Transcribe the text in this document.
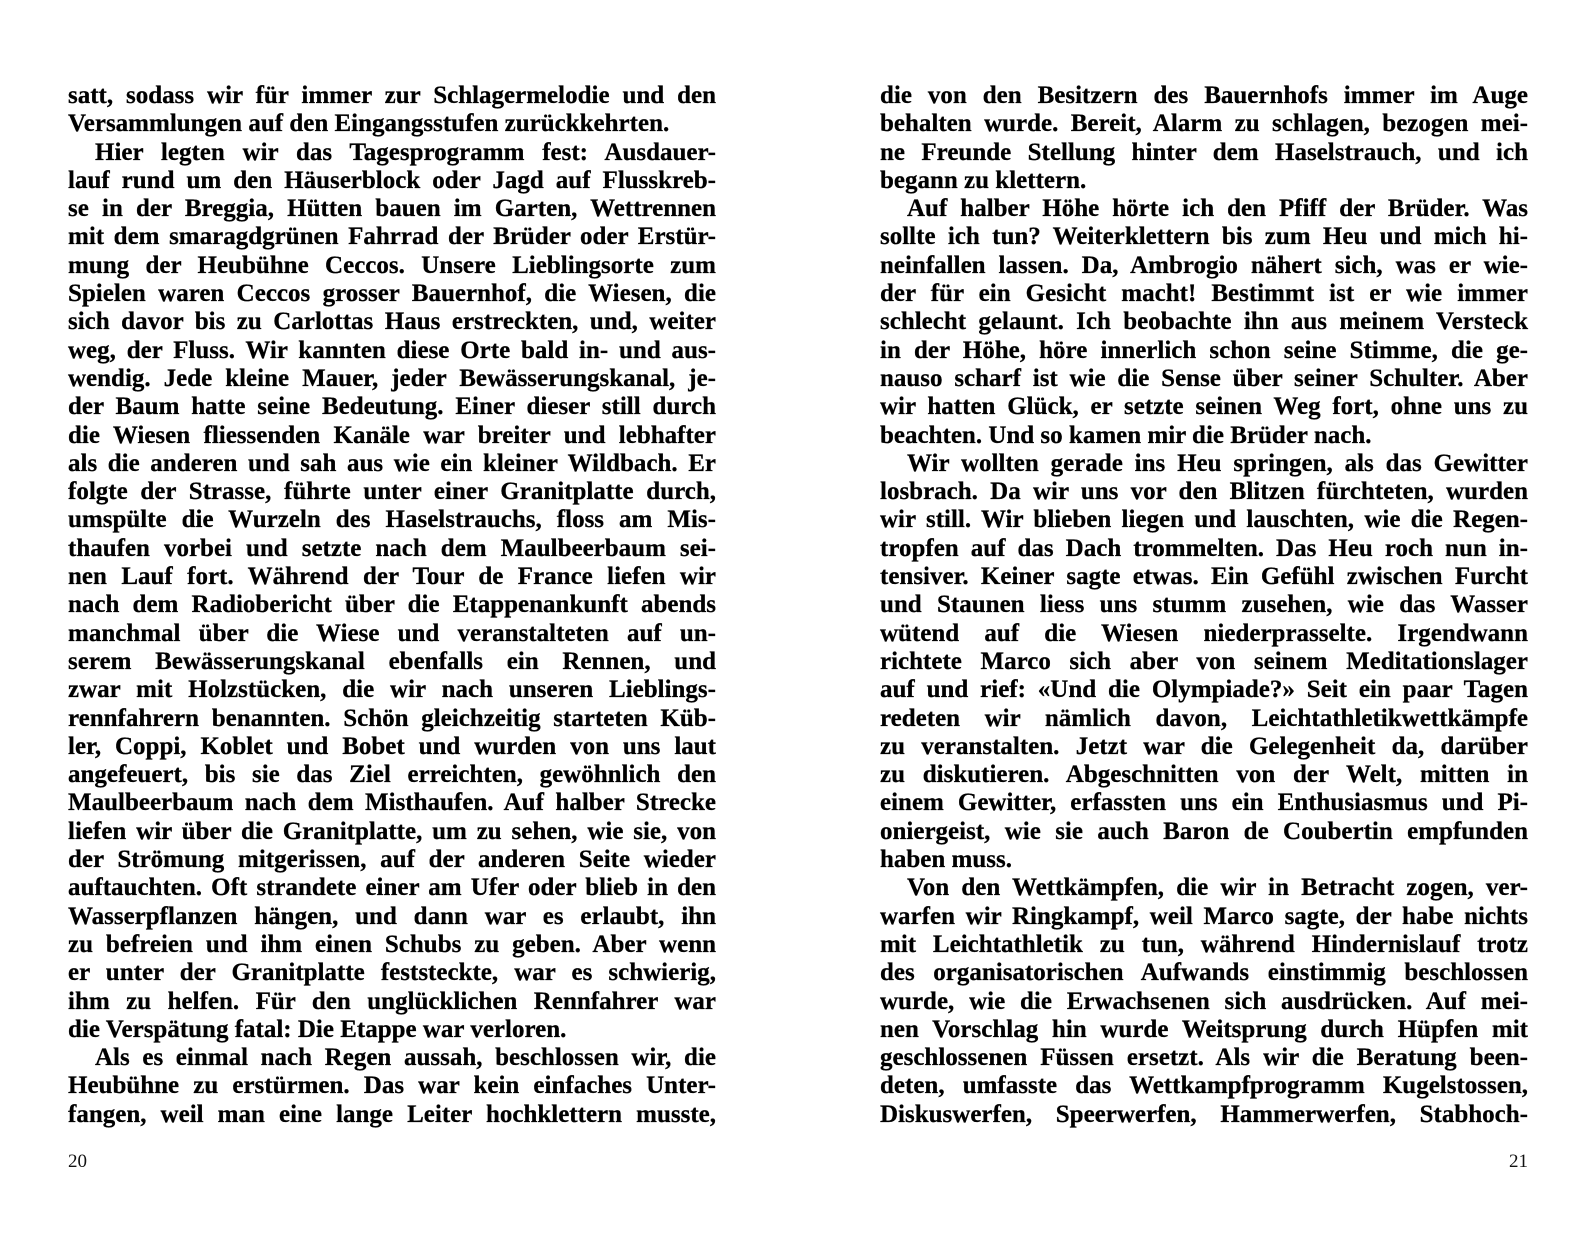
satt, sodass wir für immer zur Schlagermelodie und den
Versammlungen auf den Eingangsstufen zurückkehrten.
Hier legten wir das Tagesprogramm fest: Ausdauer-
lauf rund um den Häuserblock oder Jagd auf Flusskreb-
se in der Breggia, Hütten bauen im Garten, Wettrennen
mit dem smaragdgrünen Fahrrad der Brüder oder Erstür-
mung der Heubühne Ceccos. Unsere Lieblingsorte zum
Spielen waren Ceccos grosser Bauernhof, die Wiesen, die
sich davor bis zu Carlottas Haus erstreckten, und, weiter
weg, der Fluss. Wir kannten diese Orte bald in- und aus-
wendig. Jede kleine Mauer, jeder Bewässerungskanal, je-
der Baum hatte seine Bedeutung. Einer dieser still durch
die Wiesen fliessenden Kanäle war breiter und lebhafter
als die anderen und sah aus wie ein kleiner Wildbach. Er
folgte der Strasse, führte unter einer Granitplatte durch,
umspülte die Wurzeln des Haselstrauchs, floss am Mis-
thaufen vorbei und setzte nach dem Maulbeerbaum sei-
nen Lauf fort. Während der Tour de France liefen wir
nach dem Radiobericht über die Etappenankunft abends
manchmal über die Wiese und veranstalteten auf un-
serem Bewässerungskanal ebenfalls ein Rennen, und
zwar mit Holzstücken, die wir nach unseren Lieblings-
rennfahrern benannten. Schön gleichzeitig starteten Küb-
ler, Coppi, Koblet und Bobet und wurden von uns laut
angefeuert, bis sie das Ziel erreichten, gewöhnlich den
Maulbeerbaum nach dem Misthaufen. Auf halber Strecke
liefen wir über die Granitplatte, um zu sehen, wie sie, von
der Strömung mitgerissen, auf der anderen Seite wieder
auftauchten. Oft strandete einer am Ufer oder blieb in den
Wasserpflanzen hängen, und dann war es erlaubt, ihn
zu befreien und ihm einen Schubs zu geben. Aber wenn
er unter der Granitplatte feststeckte, war es schwierig,
ihm zu helfen. Für den unglücklichen Rennfahrer war
die Verspätung fatal: Die Etappe war verloren.
Als es einmal nach Regen aussah, beschlossen wir, die
Heubühne zu erstürmen. Das war kein einfaches Unter-
fangen, weil man eine lange Leiter hochklettern musste,
die von den Besitzern des Bauernhofs immer im Auge
behalten wurde. Bereit, Alarm zu schlagen, bezogen mei-
ne Freunde Stellung hinter dem Haselstrauch, und ich
begann zu klettern.
Auf halber Höhe hörte ich den Pfiff der Brüder. Was
sollte ich tun? Weiterklettern bis zum Heu und mich hi-
neinfallen lassen. Da, Ambrogio nähert sich, was er wie-
der für ein Gesicht macht! Bestimmt ist er wie immer
schlecht gelaunt. Ich beobachte ihn aus meinem Versteck
in der Höhe, höre innerlich schon seine Stimme, die ge-
nauso scharf ist wie die Sense über seiner Schulter. Aber
wir hatten Glück, er setzte seinen Weg fort, ohne uns zu
beachten. Und so kamen mir die Brüder nach.
Wir wollten gerade ins Heu springen, als das Gewitter
losbrach. Da wir uns vor den Blitzen fürchteten, wurden
wir still. Wir blieben liegen und lauschten, wie die Regen-
tropfen auf das Dach trommelten. Das Heu roch nun in-
tensiver. Keiner sagte etwas. Ein Gefühl zwischen Furcht
und Staunen liess uns stumm zusehen, wie das Wasser
wütend auf die Wiesen niederprasselte. Irgendwann
richtete Marco sich aber von seinem Meditationslager
auf und rief: «Und die Olympiade?» Seit ein paar Tagen
redeten wir nämlich davon, Leichtathletikwettkämpfe
zu veranstalten. Jetzt war die Gelegenheit da, darüber
zu diskutieren. Abgeschnitten von der Welt, mitten in
einem Gewitter, erfassten uns ein Enthusiasmus und Pi-
oniergeist, wie sie auch Baron de Coubertin empfunden
haben muss.
Von den Wettkämpfen, die wir in Betracht zogen, ver-
warfen wir Ringkampf, weil Marco sagte, der habe nichts
mit Leichtathletik zu tun, während Hindernislauf trotz
des organisatorischen Aufwands einstimmig beschlossen
wurde, wie die Erwachsenen sich ausdrücken. Auf mei-
nen Vorschlag hin wurde Weitsprung durch Hüpfen mit
geschlossenen Füssen ersetzt. Als wir die Beratung been-
deten, umfasste das Wettkampfprogramm Kugelstossen,
Diskuswerfen, Speerwerfen, Hammerwerfen, Stabhoch-
20	21
